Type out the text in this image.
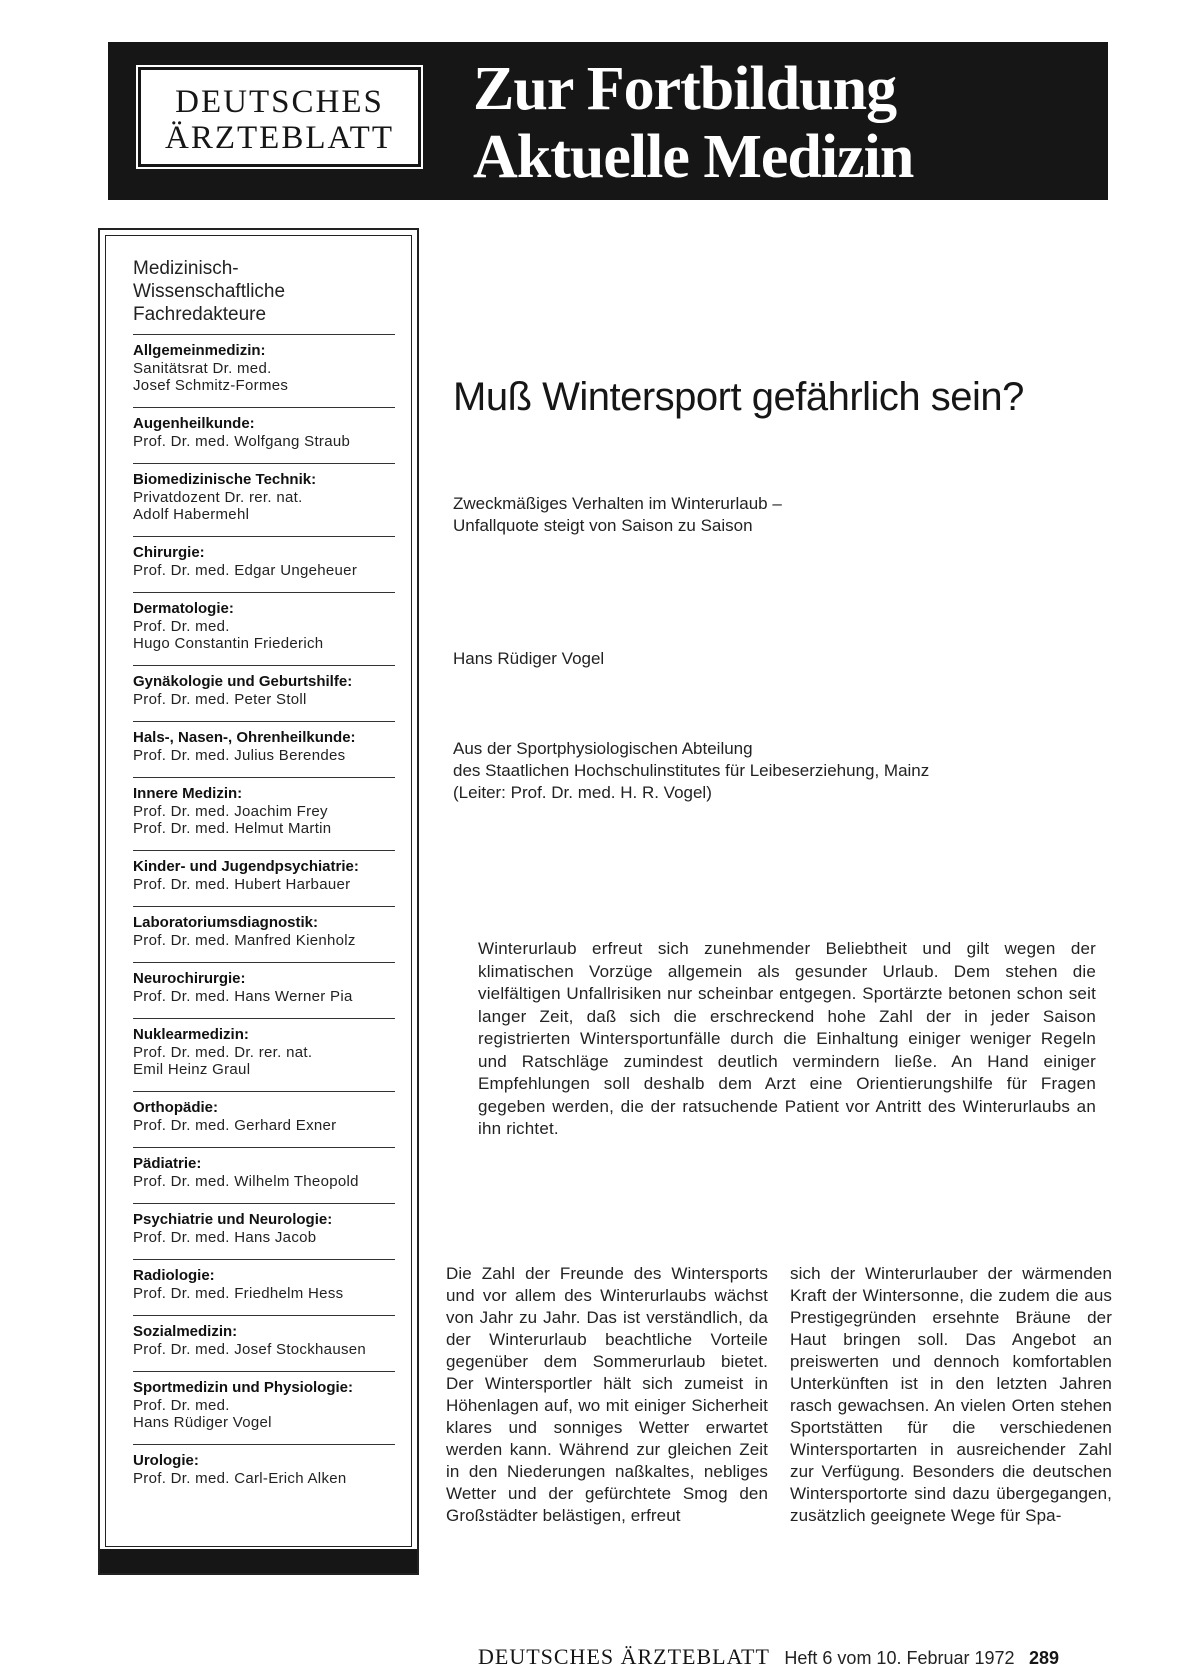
DEUTSCHES
ÄRZTEBLATT
Zur Fortbildung
Aktuelle Medizin
Medizinisch-
Wissenschaftliche
Fachredakteure
Allgemeinmedizin:
Sanitätsrat Dr. med.
Josef Schmitz-Formes
Augenheilkunde:
Prof. Dr. med. Wolfgang Straub
Biomedizinische Technik:
Privatdozent Dr. rer. nat.
Adolf Habermehl
Chirurgie:
Prof. Dr. med. Edgar Ungeheuer
Dermatologie:
Prof. Dr. med.
Hugo Constantin Friederich
Gynäkologie und Geburtshilfe:
Prof. Dr. med. Peter Stoll
Hals-, Nasen-, Ohrenheilkunde:
Prof. Dr. med. Julius Berendes
Innere Medizin:
Prof. Dr. med. Joachim Frey
Prof. Dr. med. Helmut Martin
Kinder- und Jugendpsychiatrie:
Prof. Dr. med. Hubert Harbauer
Laboratoriumsdiagnostik:
Prof. Dr. med. Manfred Kienholz
Neurochirurgie:
Prof. Dr. med. Hans Werner Pia
Nuklearmedizin:
Prof. Dr. med. Dr. rer. nat.
Emil Heinz Graul
Orthopädie:
Prof. Dr. med. Gerhard Exner
Pädiatrie:
Prof. Dr. med. Wilhelm Theopold
Psychiatrie und Neurologie:
Prof. Dr. med. Hans Jacob
Radiologie:
Prof. Dr. med. Friedhelm Hess
Sozialmedizin:
Prof. Dr. med. Josef Stockhausen
Sportmedizin und Physiologie:
Prof. Dr. med.
Hans Rüdiger Vogel
Urologie:
Prof. Dr. med. Carl-Erich Alken
Muß Wintersport gefährlich sein?
Zweckmäßiges Verhalten im Winterurlaub –
Unfallquote steigt von Saison zu Saison
Hans Rüdiger Vogel
Aus der Sportphysiologischen Abteilung
des Staatlichen Hochschulinstitutes für Leibeserziehung, Mainz
(Leiter: Prof. Dr. med. H. R. Vogel)
Winterurlaub erfreut sich zunehmender Beliebtheit und gilt wegen der klimatischen Vorzüge allgemein als gesunder Urlaub. Dem stehen die vielfältigen Unfallrisiken nur scheinbar entgegen. Sportärzte betonen schon seit langer Zeit, daß sich die erschreckend hohe Zahl der in jeder Saison registrierten Wintersportunfälle durch die Einhaltung einiger weniger Regeln und Ratschläge zumindest deutlich vermindern ließe. An Hand einiger Empfehlungen soll deshalb dem Arzt eine Orientierungshilfe für Fragen gegeben werden, die der ratsuchende Patient vor Antritt des Winterurlaubs an ihn richtet.
Die Zahl der Freunde des Wintersports und vor allem des Winterurlaubs wächst von Jahr zu Jahr. Das ist verständlich, da der Winterurlaub beachtliche Vorteile gegenüber dem Sommerurlaub bietet. Der Wintersportler hält sich zumeist in Höhenlagen auf, wo mit einiger Sicherheit klares und sonniges Wetter erwartet werden kann. Während zur gleichen Zeit in den Niederungen naßkaltes, nebliges Wetter und der gefürchtete Smog den Großstädter belästigen, erfreut
sich der Winterurlauber der wärmenden Kraft der Wintersonne, die zudem die aus Prestigegründen ersehnte Bräune der Haut bringen soll. Das Angebot an preiswerten und dennoch komfortablen Unterkünften ist in den letzten Jahren rasch gewachsen. An vielen Orten stehen Sportstätten für die verschiedenen Wintersportarten in ausreichender Zahl zur Verfügung. Besonders die deutschen Wintersportorte sind dazu übergegangen, zusätzlich geeignete Wege für Spa-
DEUTSCHES ÄRZTEBLATT Heft 6 vom 10. Februar 1972 289
